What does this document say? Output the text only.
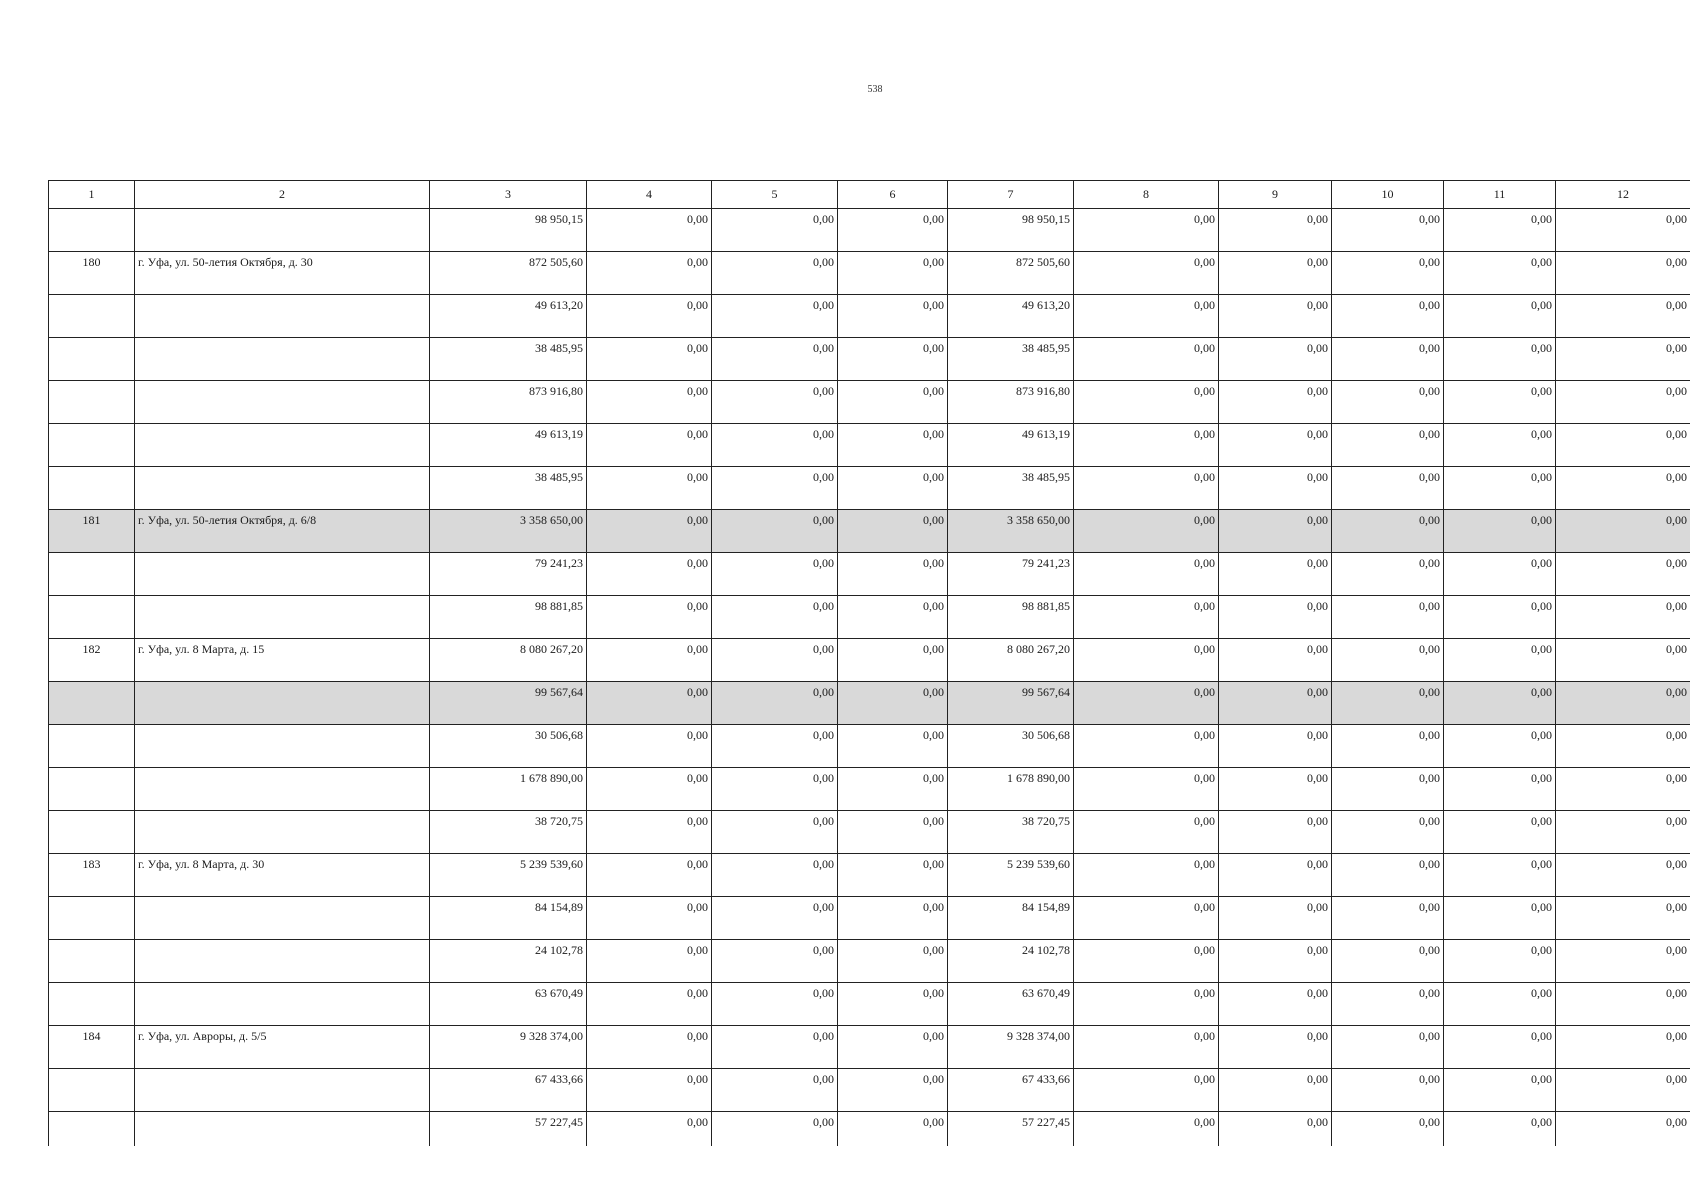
538
1	2	3	4	5	6	7	8	9	10	11	12
		98 950,15	0,00	0,00	0,00	98 950,15	0,00	0,00	0,00	0,00	0,00
180	г. Уфа, ул. 50-летия Октября, д. 30	872 505,60	0,00	0,00	0,00	872 505,60	0,00	0,00	0,00	0,00	0,00
		49 613,20	0,00	0,00	0,00	49 613,20	0,00	0,00	0,00	0,00	0,00
		38 485,95	0,00	0,00	0,00	38 485,95	0,00	0,00	0,00	0,00	0,00
		873 916,80	0,00	0,00	0,00	873 916,80	0,00	0,00	0,00	0,00	0,00
		49 613,19	0,00	0,00	0,00	49 613,19	0,00	0,00	0,00	0,00	0,00
		38 485,95	0,00	0,00	0,00	38 485,95	0,00	0,00	0,00	0,00	0,00
181	г. Уфа, ул. 50-летия Октября, д. 6/8	3 358 650,00	0,00	0,00	0,00	3 358 650,00	0,00	0,00	0,00	0,00	0,00
		79 241,23	0,00	0,00	0,00	79 241,23	0,00	0,00	0,00	0,00	0,00
		98 881,85	0,00	0,00	0,00	98 881,85	0,00	0,00	0,00	0,00	0,00
182	г. Уфа, ул. 8 Марта, д. 15	8 080 267,20	0,00	0,00	0,00	8 080 267,20	0,00	0,00	0,00	0,00	0,00
		99 567,64	0,00	0,00	0,00	99 567,64	0,00	0,00	0,00	0,00	0,00
		30 506,68	0,00	0,00	0,00	30 506,68	0,00	0,00	0,00	0,00	0,00
		1 678 890,00	0,00	0,00	0,00	1 678 890,00	0,00	0,00	0,00	0,00	0,00
		38 720,75	0,00	0,00	0,00	38 720,75	0,00	0,00	0,00	0,00	0,00
183	г. Уфа, ул. 8 Марта, д. 30	5 239 539,60	0,00	0,00	0,00	5 239 539,60	0,00	0,00	0,00	0,00	0,00
		84 154,89	0,00	0,00	0,00	84 154,89	0,00	0,00	0,00	0,00	0,00
		24 102,78	0,00	0,00	0,00	24 102,78	0,00	0,00	0,00	0,00	0,00
		63 670,49	0,00	0,00	0,00	63 670,49	0,00	0,00	0,00	0,00	0,00
184	г. Уфа, ул. Авроры, д. 5/5	9 328 374,00	0,00	0,00	0,00	9 328 374,00	0,00	0,00	0,00	0,00	0,00
		67 433,66	0,00	0,00	0,00	67 433,66	0,00	0,00	0,00	0,00	0,00
		57 227,45	0,00	0,00	0,00	57 227,45	0,00	0,00	0,00	0,00	0,00
